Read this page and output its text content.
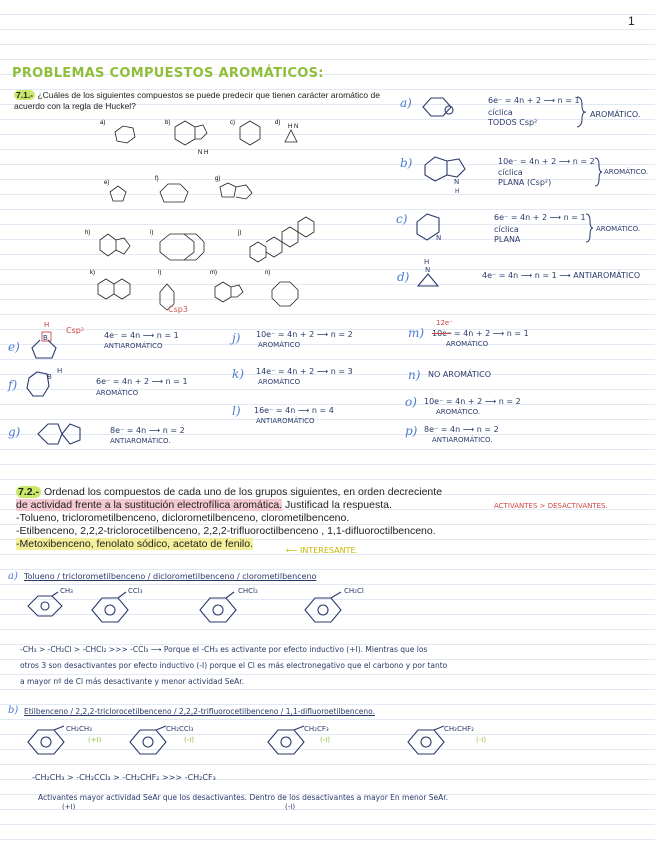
1
PROBLEMAS COMPUESTOS AROMÁTICOS:
7.1.- ¿Cuáles de los siguientes compuestos se puede predecir que tienen carácter aromático de acuerdo con la regla de Huckel?
a)	b)
N H
c)	d)
H N
e)
f)	g)
h)	i)	j)
k)	l)	m)	n)
Csp3
a)	6e⁻ = 4n + 2 ⟶ n = 1
cíclica
TODOS Csp²
AROMÁTICO.
b)
N
H
10e⁻ = 4n + 2 ⟶ n = 2
cíclica
PLANA (Csp²)
AROMÁTICO.
c)
N
6e⁻ = 4n + 2 ⟶ n = 1
cíclica
PLANA
AROMÁTICO.
d)
H
N
4e⁻ = 4n ⟶ n = 1 ⟶ ANTIAROMÁTICO
e)
H
B
Csp²
4e⁻ = 4n ⟶ n = 1
ANTIAROMÁTICO
f)
H
B	6e⁻ = 4n + 2 ⟶ n = 1
AROMÁTICO
g)	8e⁻ = 4n ⟶ n = 2
ANTIAROMÁTICO.
j) 10e⁻ = 4n + 2 ⟶ n = 2
AROMÁTICO
k) 14e⁻ = 4n + 2 ⟶ n = 3
AROMÁTICO
l) 16e⁻ = 4n ⟶ n = 4
ANTIAROMÁTICO
m)
12e⁻
10e⁻ = 4n + 2 ⟶ n = 1
AROMÁTICO
n) NO AROMÁTICO
o) 10e⁻ = 4n + 2 ⟶ n = 2
AROMÁTICO.
p) 8e⁻ = 4n ⟶ n = 2
ANTIAROMÁTICO.
7.2.- Ordenad los compuestos de cada uno de los grupos siguientes, en orden decreciente
de actividad frente a la sustitución electrofílica aromática. Justificad la respuesta.
-Tolueno, triclorometilbenceno, diclorometilbenceno, clorometilbenceno.
-Etilbenceno, 2,2,2-triclorocetilbenceno, 2,2,2-trifluoroctilbenceno , 1,1-difluoroctilbenceno.
-Metoxibenceno, fenolato sódico, acetato de fenilo.
ACTIVANTES > DESACTIVANTES.
⟵ INTERESANTE.
a) Tolueno / triclorometilbenceno / diclorometilbenceno / clorometilbenceno
CH₃	CCl₃	CHCl₂	CH₂Cl
-CH₃ > -CH₂Cl > -CHCl₂ >>> -CCl₃ ⟶ Porque el -CH₃ es activante por efecto inductivo (+I). Mientras que los
otros 3 son desactivantes por efecto inductivo (-I) porque el Cl es más electronegativo que el carbono y por tanto
a mayor nº de Cl más desactivante y menor actividad SeAr.
b) Etilbenceno / 2,2,2-triclorocetilbenceno / 2,2,2-trifluorocetilbenceno / 1,1-difluoroetilbenceno.
CH₂CH₃
(+I)
CH₂CCl₃
(-I)
CH₂CF₃
(-I)
CH₂CHF₂
(-I)
-CH₂CH₃ > -CH₂CCl₃ > -CH₂CHF₂ >>> -CH₂CF₃
Activantes mayor actividad SeAr que los desactivantes. Dentro de los desactivantes a mayor En menor SeAr.
(+I)	(-I)
